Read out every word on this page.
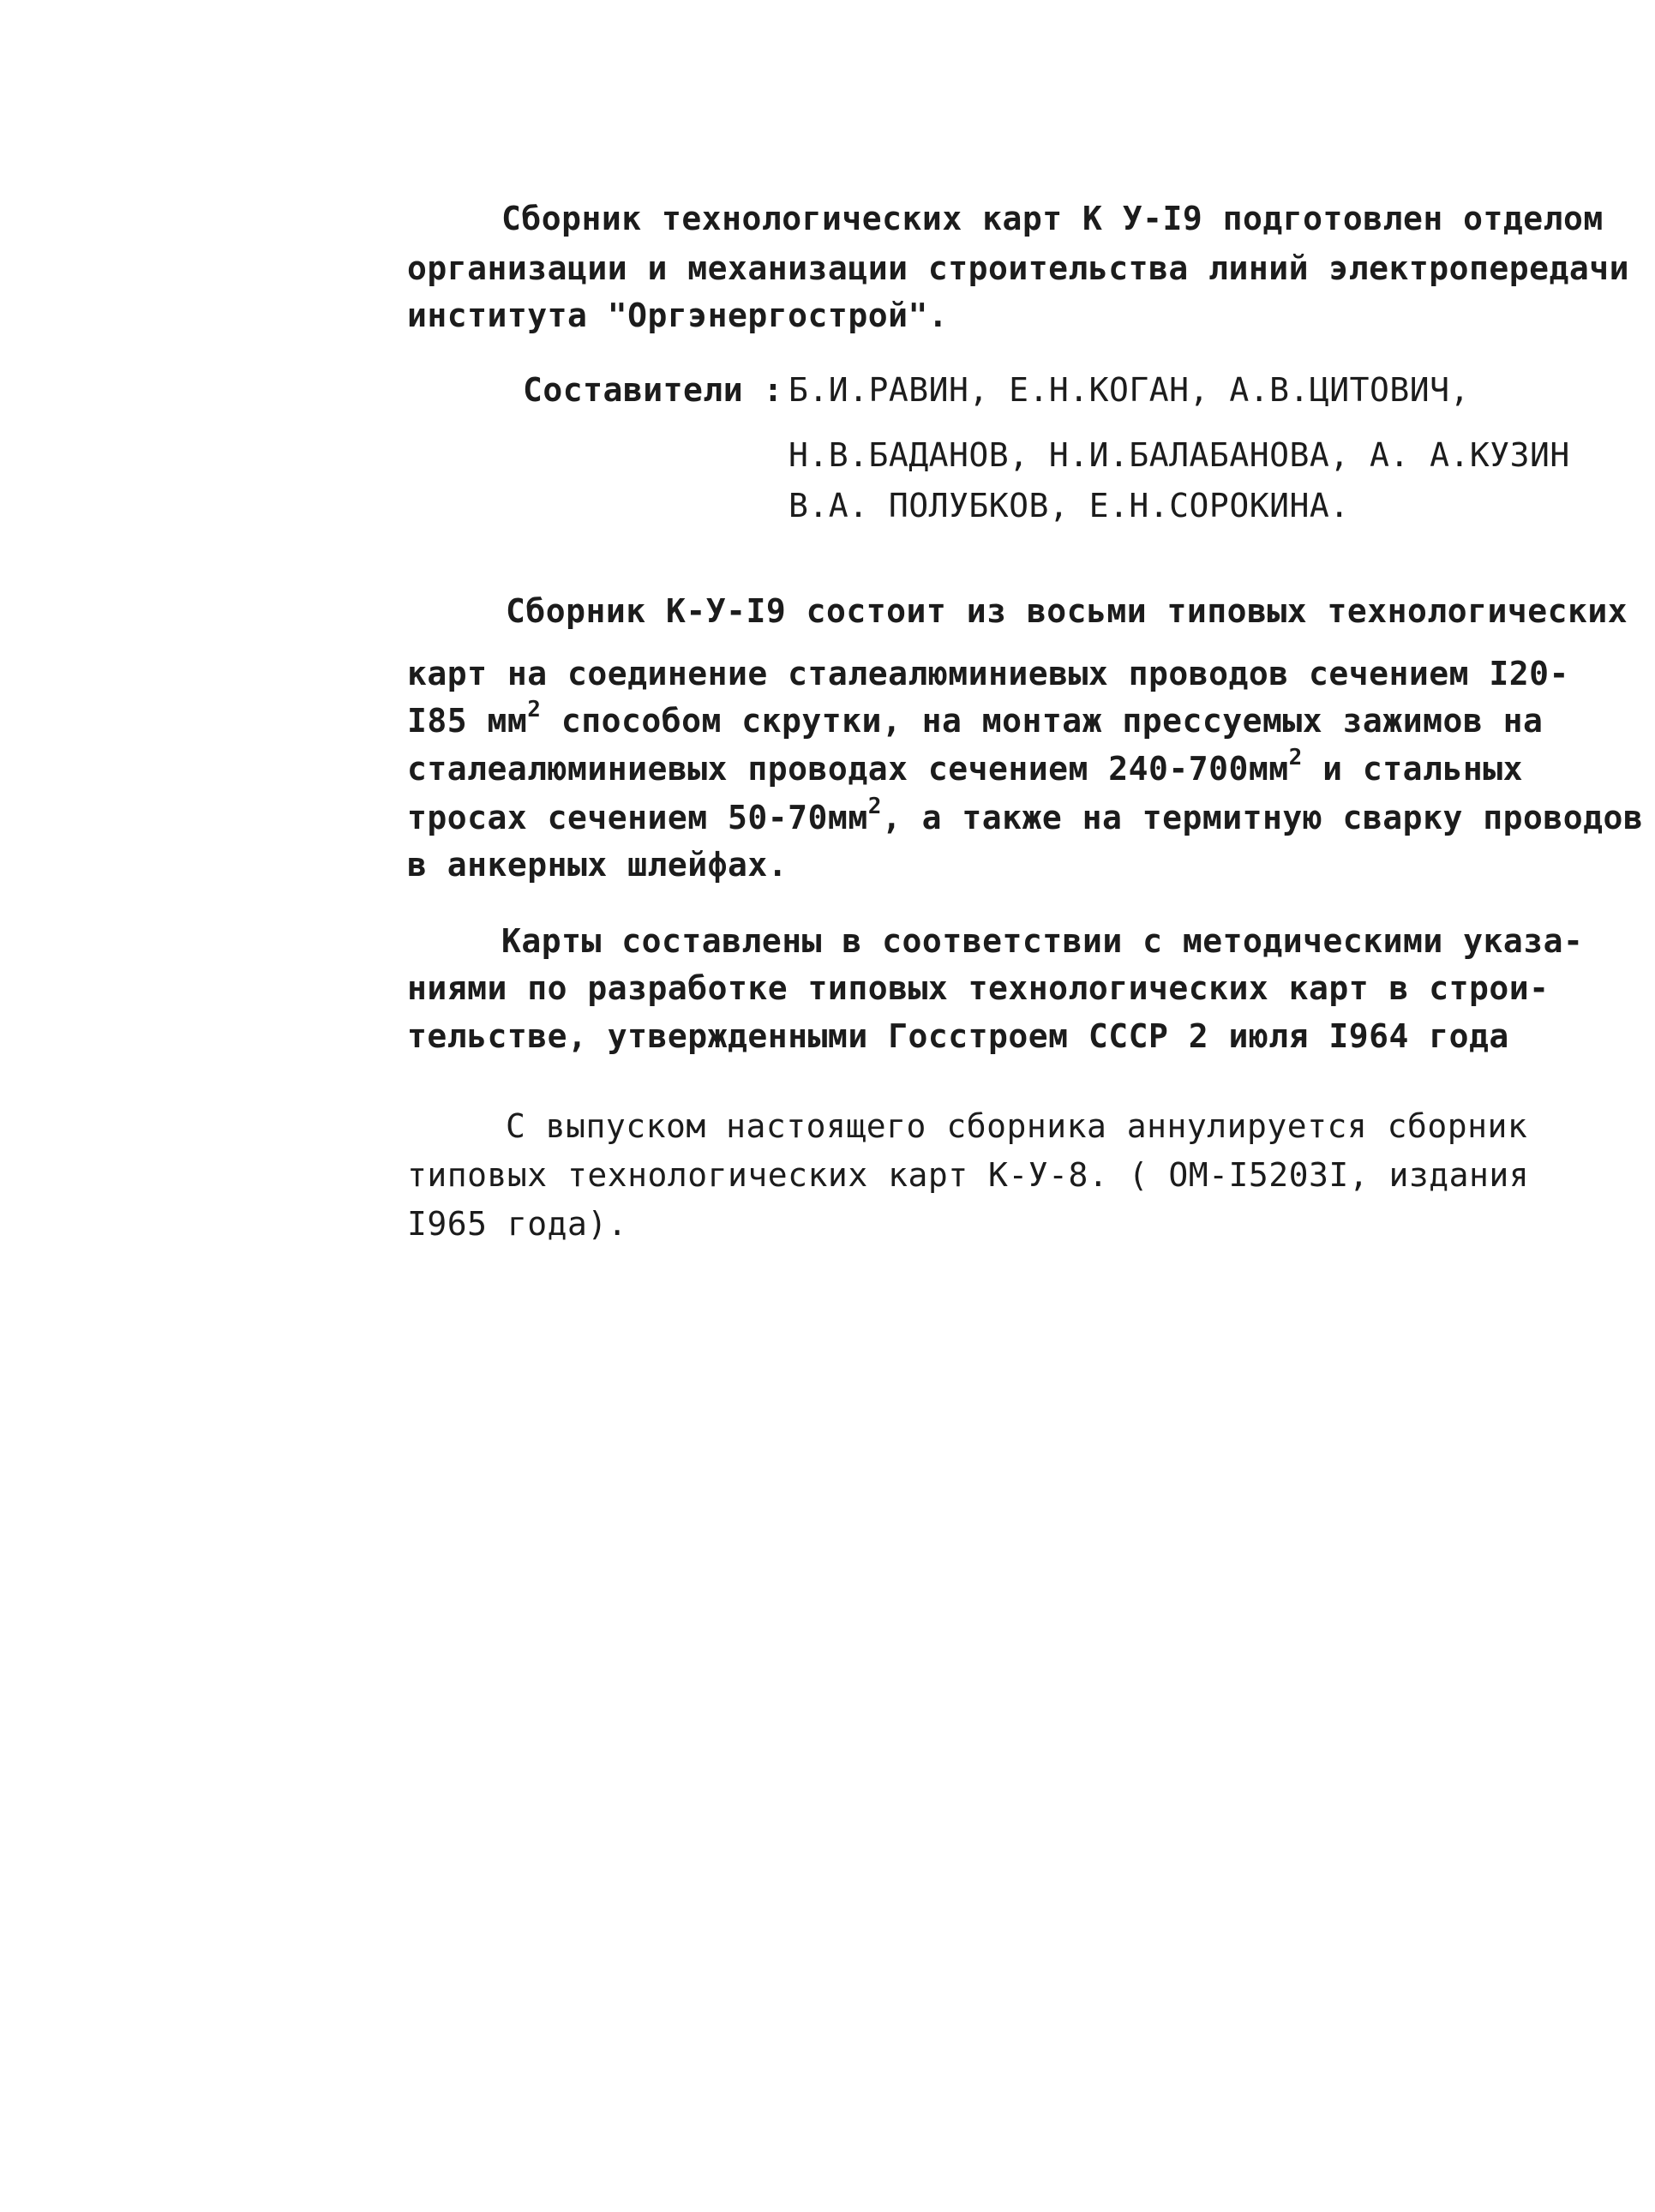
Сборник технологических карт К У-I9 подготовлен отделом
организации и механизации строительства линий электропередачи
института "Оргэнергострой".
Составители : Б.И.РАВИН, Е.Н.КОГАН, А.В.ЦИТОВИЧ,
Н.В.БАДАНОВ, Н.И.БАЛАБАНОВА, А. А.КУЗИН
В.А. ПОЛУБКОВ, Е.Н.СОРОКИНА.
Сборник К-У-I9 состоит из восьми типовых технологических
карт на соединение сталеалюминиевых проводов сечением I20-
I85 $мм^2$ способом скрутки, на монтаж прессуемых зажимов на
сталеалюминиевых проводах сечением $240-700мм^2$ и стальных
тросах сечением $50-70мм^2$, а также на термитную сварку проводов
в анкерных шлейфах.
Карты составлены в соответствии с методическими указа-
ниями по разработке типовых технологических карт в строи-
тельстве, утвержденными Госстроем СССР 2 июля I964 года
С выпуском настоящего сборника аннулируется сборник
типовых технологических карт К-У-8. ( ОМ-I5203I, издания
I965 года).
